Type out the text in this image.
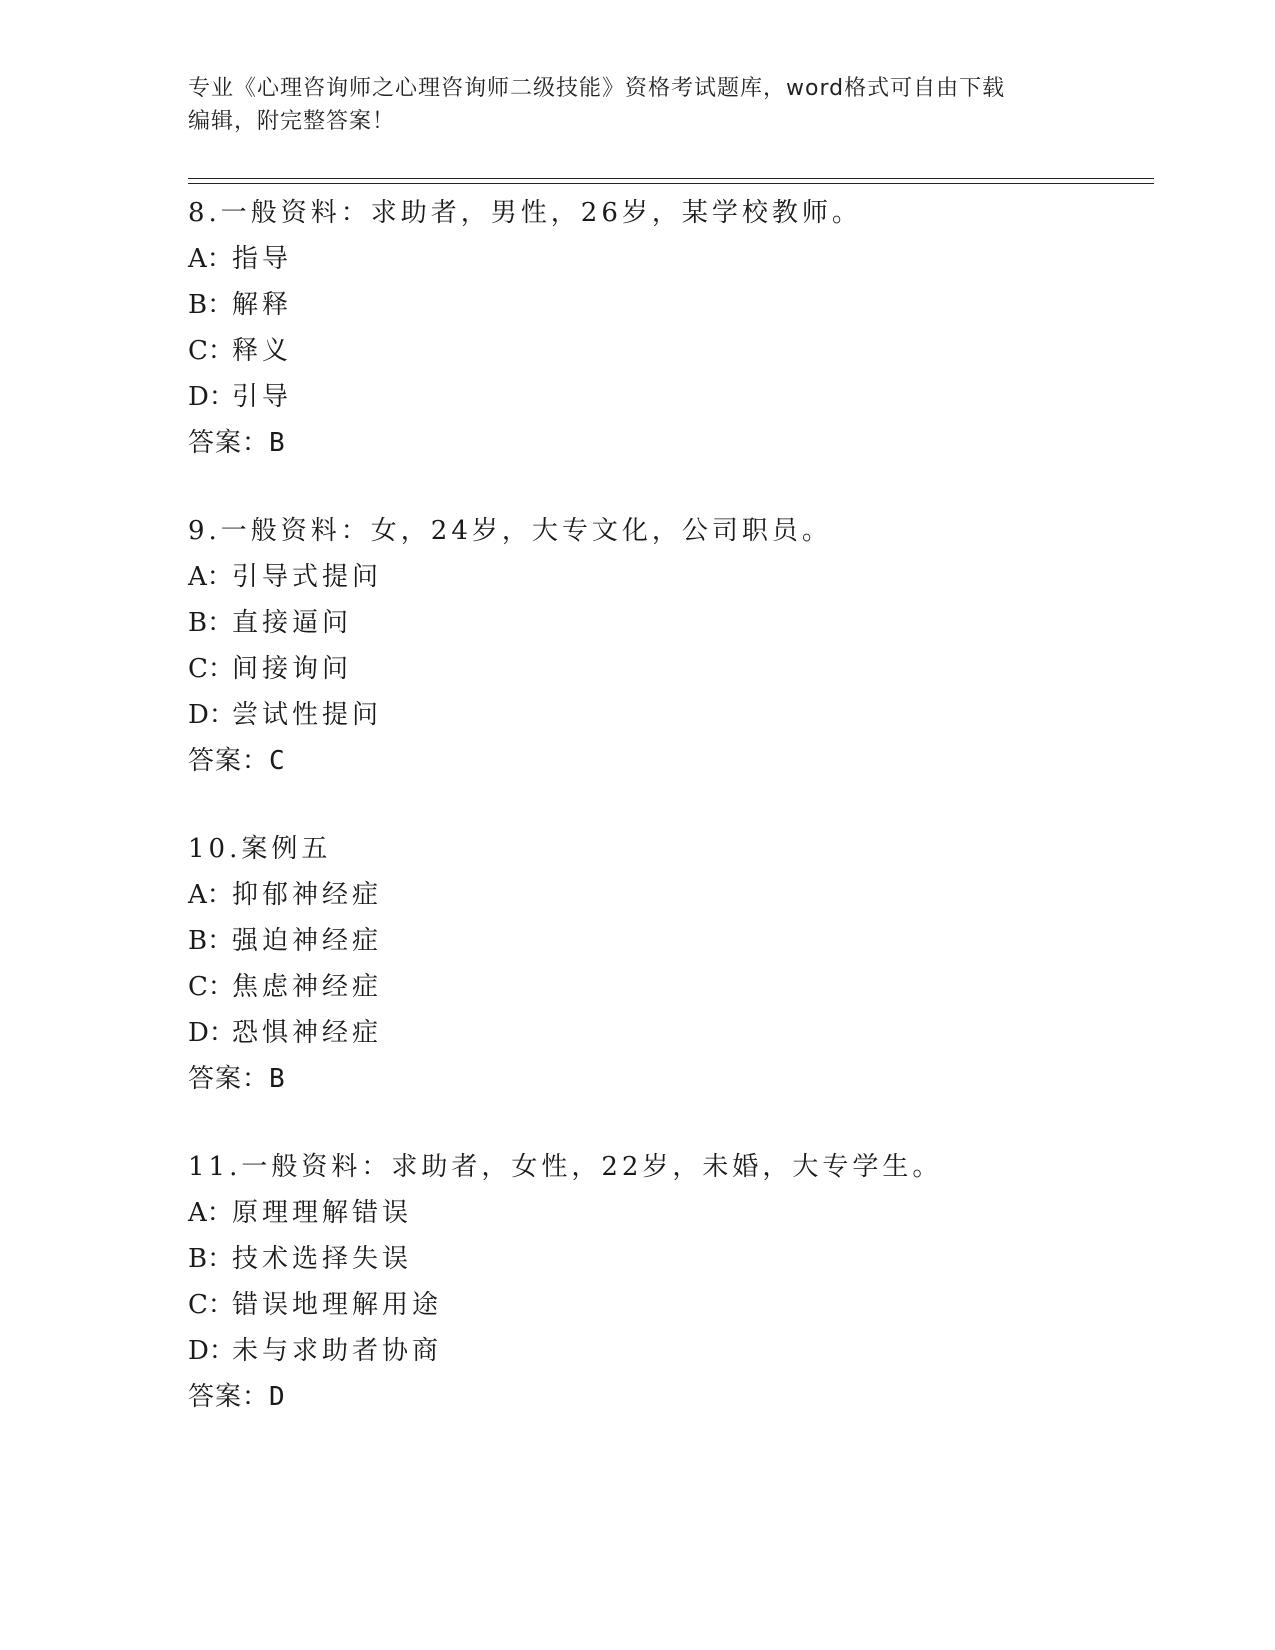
专业《心理咨询师之心理咨询师二级技能》资格考试题库，word格式可自由下载
编辑，附完整答案！
8.一般资料：求助者，男性，26岁，某学校教师。
A：指导
B：解释
C：释义
D：引导
答案：B
9.一般资料：女，24岁，大专文化，公司职员。
A：引导式提问
B：直接逼问
C：间接询问
D：尝试性提问
答案：C
10.案例五
A：抑郁神经症
B：强迫神经症
C：焦虑神经症
D：恐惧神经症
答案：B
11.一般资料：求助者，女性，22岁，未婚，大专学生。
A：原理理解错误
B：技术选择失误
C：错误地理解用途
D：未与求助者协商
答案：D
